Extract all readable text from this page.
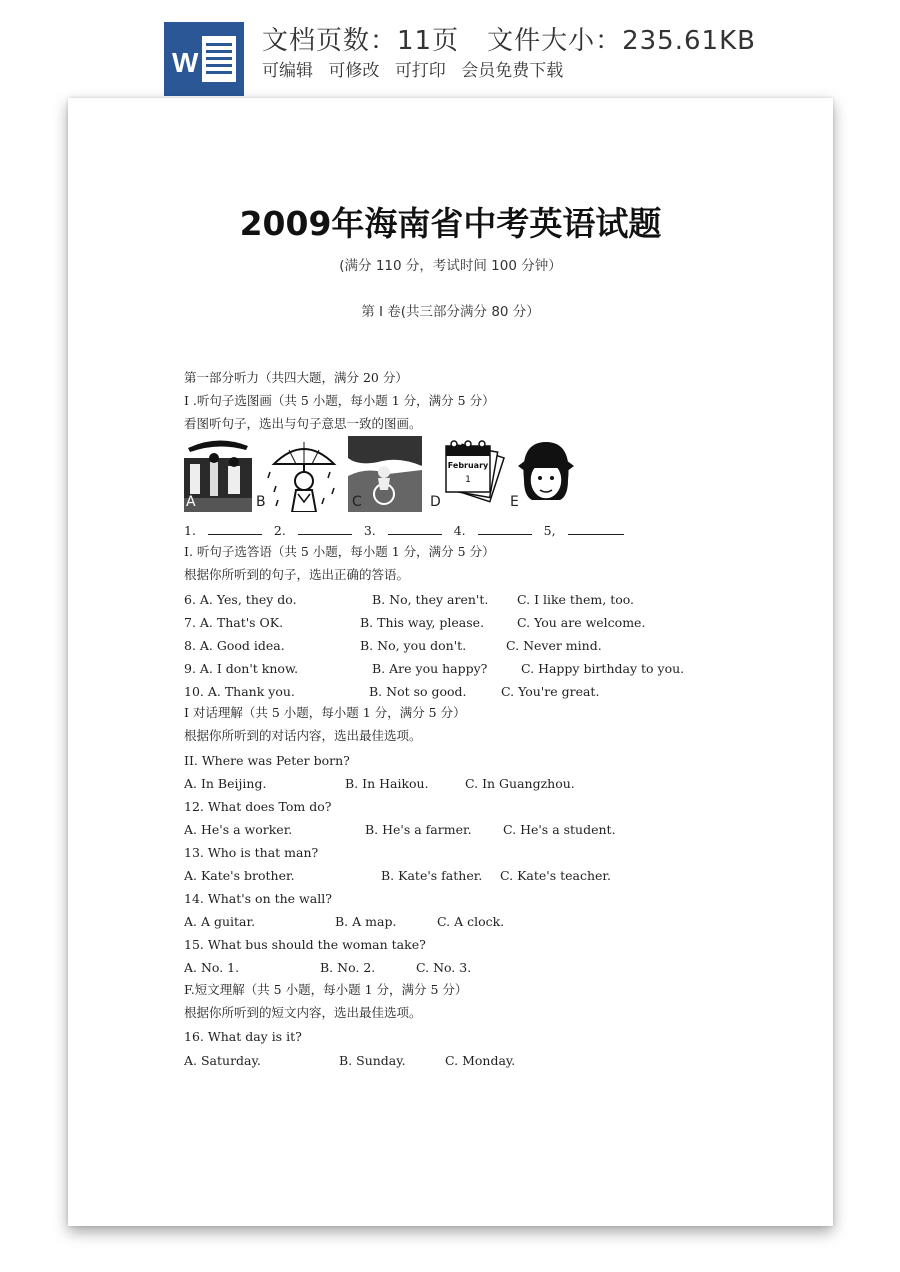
W
文档页数：11页 文件大小：235.61KB
可编辑 可修改 可打印 会员免费下载
2009年海南省中考英语试题
(满分 110 分，考试时间 100 分钟）
第 I 卷(共三部分满分 80 分）
第一部分听力（共四大题，满分 20 分）
I .听句子选图画（共 5 小题，每小题 1 分，满分 5 分）
看图听句子，选出与句子意思一致的图画。
A	B	C
February
1
D	E
1.	2.	3.	4.	5,
I. 听句子选答语（共 5 小题，每小题 1 分，满分 5 分）
根据你所听到的句子，选出正确的答语。
6. A. Yes, they do.	B. No, they aren't. C. I like them, too.
7. A. That's OK.	B. This way, please.	C. You are welcome.
8. A. Good idea.	B. No, you don't.	C. Never mind.
9. A. I don't know.	B. Are you happy?	C. Happy birthday to you.
10. A. Thank you.	B. Not so good.	C. You're great.
I 对话理解（共 5 小题，每小题 1 分，满分 5 分）
根据你所听到的对话内容，选出最佳选项。
II. Where was Peter born?
A. In Beijing.	B. In Haikou.	C. In Guangzhou.
12. What does Tom do?
A. He's a worker.	B. He's a farmer.	C. He's a student.
13. Who is that man?
A. Kate's brother.	B. Kate's father. C. Kate's teacher.
14. What's on the wall?
A. A guitar.	B. A map.	C. A clock.
15. What bus should the woman take?
A. No. 1.	B. No. 2.	C. No. 3.
F.短文理解（共 5 小题，每小题 1 分，满分 5 分）
根据你所听到的短文内容，选出最佳选项。
16. What day is it?
A. Saturday.	B. Sunday.	C. Monday.
